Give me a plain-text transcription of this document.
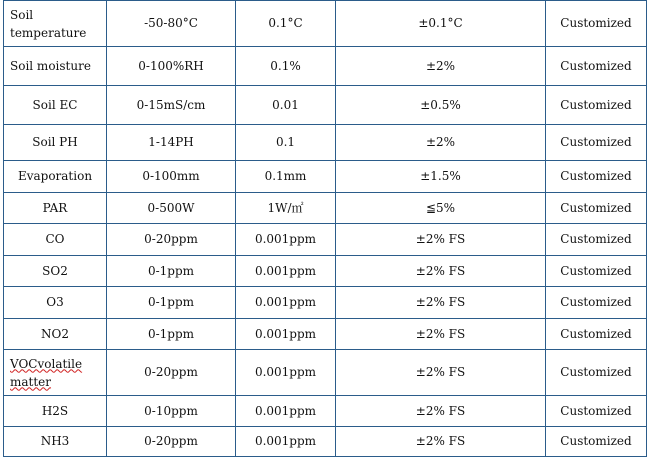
Soil temperature	-50-80°C	0.1°C	±0.1°C	Customized
Soil moisture	0-100%RH	0.1%	±2%	Customized
Soil EC	0-15mS/cm	0.01	±0.5%	Customized
Soil PH	1-14PH	0.1	±2%	Customized
Evaporation	0-100mm	0.1mm	±1.5%	Customized
PAR	0-500W	1W/㎡	≦5%	Customized
CO	0-20ppm	0.001ppm	±2% FS	Customized
SO2	0-1ppm	0.001ppm	±2% FS	Customized
O3	0-1ppm	0.001ppm	±2% FS	Customized
NO2	0-1ppm	0.001ppm	±2% FS	Customized
VOCvolatile matter	0-20ppm	0.001ppm	±2% FS	Customized
H2S	0-10ppm	0.001ppm	±2% FS	Customized
NH3	0-20ppm	0.001ppm	±2% FS	Customized
